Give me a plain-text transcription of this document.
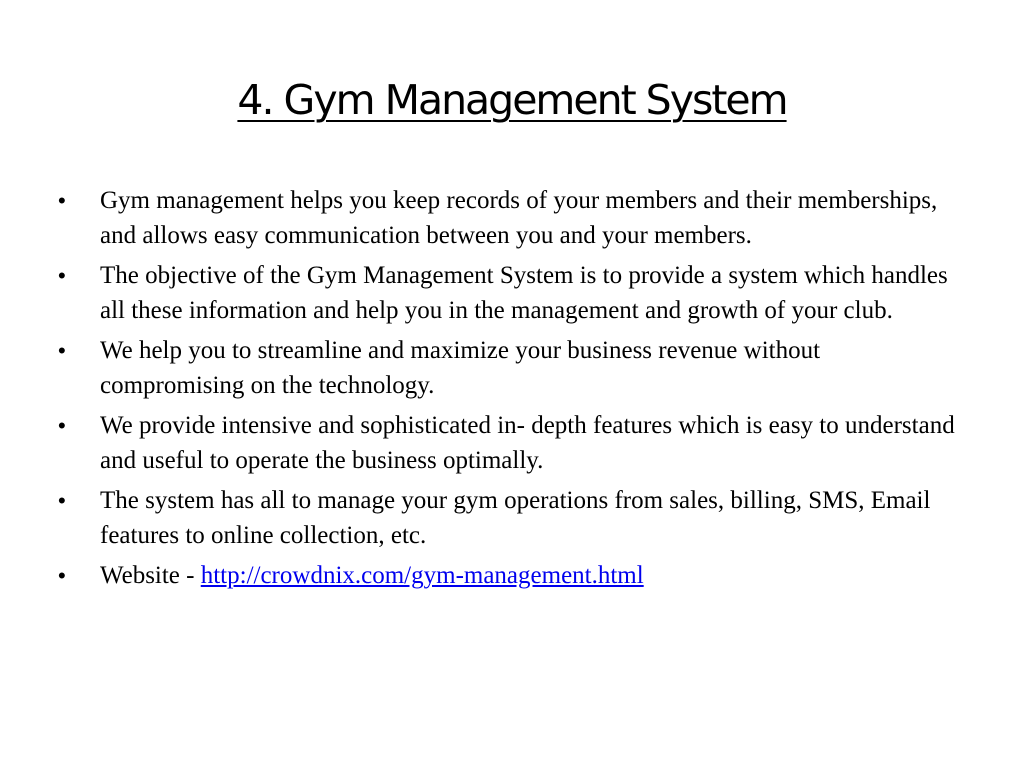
4. Gym Management System
• Gym management helps you keep records of your members and their memberships, and allows easy communication between you and your members.
• The objective of the Gym Management System is to provide a system which handles all these information and help you in the management and growth of your club.
• We help you to streamline and maximize your business revenue without compromising on the technology.
• We provide intensive and sophisticated in- depth features which is easy to understand and useful to operate the business optimally.
• The system has all to manage your gym operations from sales, billing, SMS, Email features to online collection, etc.
• Website - http://crowdnix.com/gym-management.html
